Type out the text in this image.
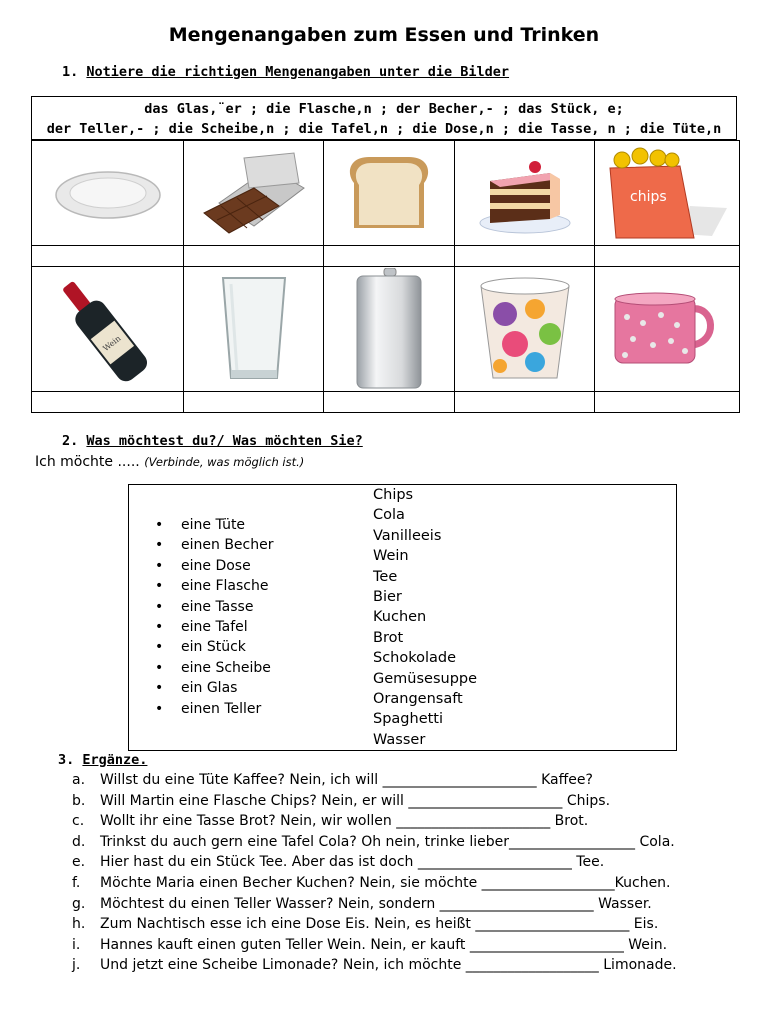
Mengenangaben zum Essen und Trinken
1. Notiere die richtigen Mengenangaben unter die Bilder
das Glas,¨er ; die Flasche,n ; der Becher,- ; das Stück, e;
der Teller,- ; die Scheibe,n ; die Tafel,n ; die Dose,n ; die Tasse, n ; die Tüte,n

chips

Wein

2. Was möchtest du?/ Was möchten Sie?
Ich möchte ..... (Verbinde, was möglich ist.)
• eine Tüte
• einen Becher
• eine Dose
• eine Flasche
• eine Tasse
• eine Tafel
• ein Stück
• eine Scheibe
• ein Glas
• einen Teller
Chips
Cola
Vanilleeis
Wein
Tee
Bier
Kuchen
Brot
Schokolade
Gemüsesuppe
Orangensaft
Spaghetti
Wasser
3. Ergänze.
a. Willst du eine Tüte Kaffee? Nein, ich will ______________________ Kaffee?
b. Will Martin eine Flasche Chips? Nein, er will ______________________ Chips.
c. Wollt ihr eine Tasse Brot? Nein, wir wollen ______________________ Brot.
d. Trinkst du auch gern eine Tafel Cola? Oh nein, trinke lieber__________________ Cola.
e. Hier hast du ein Stück Tee. Aber das ist doch ______________________ Tee.
f. Möchte Maria einen Becher Kuchen? Nein, sie möchte ___________________Kuchen.
g. Möchtest du einen Teller Wasser? Nein, sondern ______________________ Wasser.
h. Zum Nachtisch esse ich eine Dose Eis. Nein, es heißt ______________________ Eis.
i. Hannes kauft einen guten Teller Wein. Nein, er kauft ______________________ Wein.
j. Und jetzt eine Scheibe Limonade? Nein, ich möchte ___________________ Limonade.
